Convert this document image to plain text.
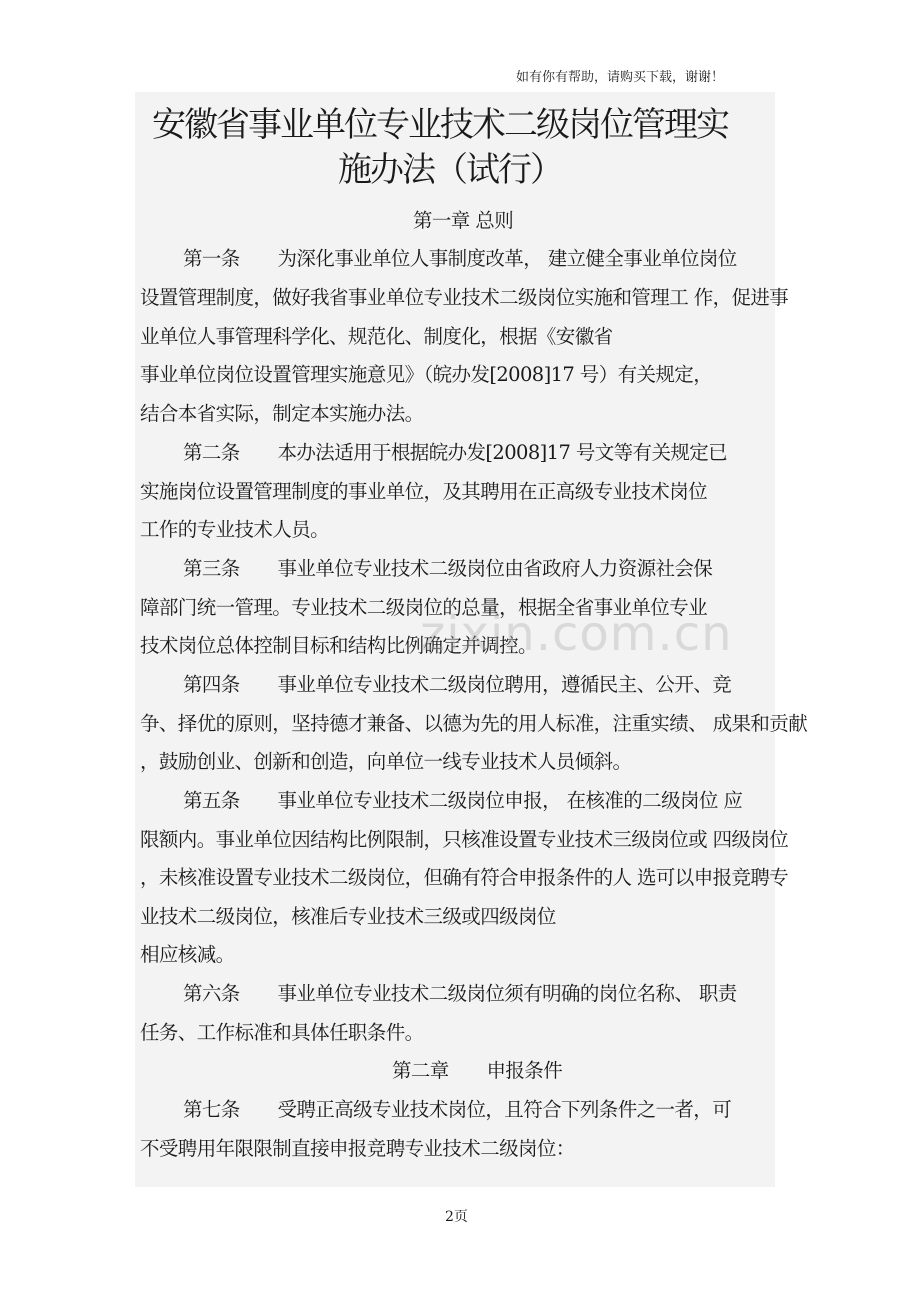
如有你有帮助，请购买下载，谢谢！
安徽省事业单位专业技术二级岗位管理实
施办法（试行）
第一章 总则
第一条　　为深化事业单位人事制度改革， 建立健全事业单位岗位
设置管理制度，做好我省事业单位专业技术二级岗位实施和管理工 作，促进事
业单位人事管理科学化、规范化、制度化，根据《安徽省
事业单位岗位设置管理实施意见》（皖办发[2008]17 号）有关规定，
结合本省实际，制定本实施办法。
第二条　　本办法适用于根据皖办发[2008]17 号文等有关规定已
实施岗位设置管理制度的事业单位，及其聘用在正高级专业技术岗位
工作的专业技术人员。
第三条　　事业单位专业技术二级岗位由省政府人力资源社会保
障部门统一管理。专业技术二级岗位的总量，根据全省事业单位专业
技术岗位总体控制目标和结构比例确定并调控。
第四条　　事业单位专业技术二级岗位聘用，遵循民主、公开、竞
争、择优的原则，坚持德才兼备、以德为先的用人标准，注重实绩、 成果和贡献
，鼓励创业、创新和创造，向单位一线专业技术人员倾斜。
第五条　　事业单位专业技术二级岗位申报， 在核准的二级岗位 应
限额内。事业单位因结构比例限制，只核准设置专业技术三级岗位或 四级岗位
，未核准设置专业技术二级岗位，但确有符合申报条件的人 选可以申报竞聘专
业技术二级岗位，核准后专业技术三级或四级岗位
相应核减。
第六条　　事业单位专业技术二级岗位须有明确的岗位名称、 职责
任务、工作标准和具体任职条件。
第二章　　申报条件
第七条　　受聘正高级专业技术岗位，且符合下列条件之一者，可
不受聘用年限限制直接申报竞聘专业技术二级岗位：
zixin.com.cn
2页
